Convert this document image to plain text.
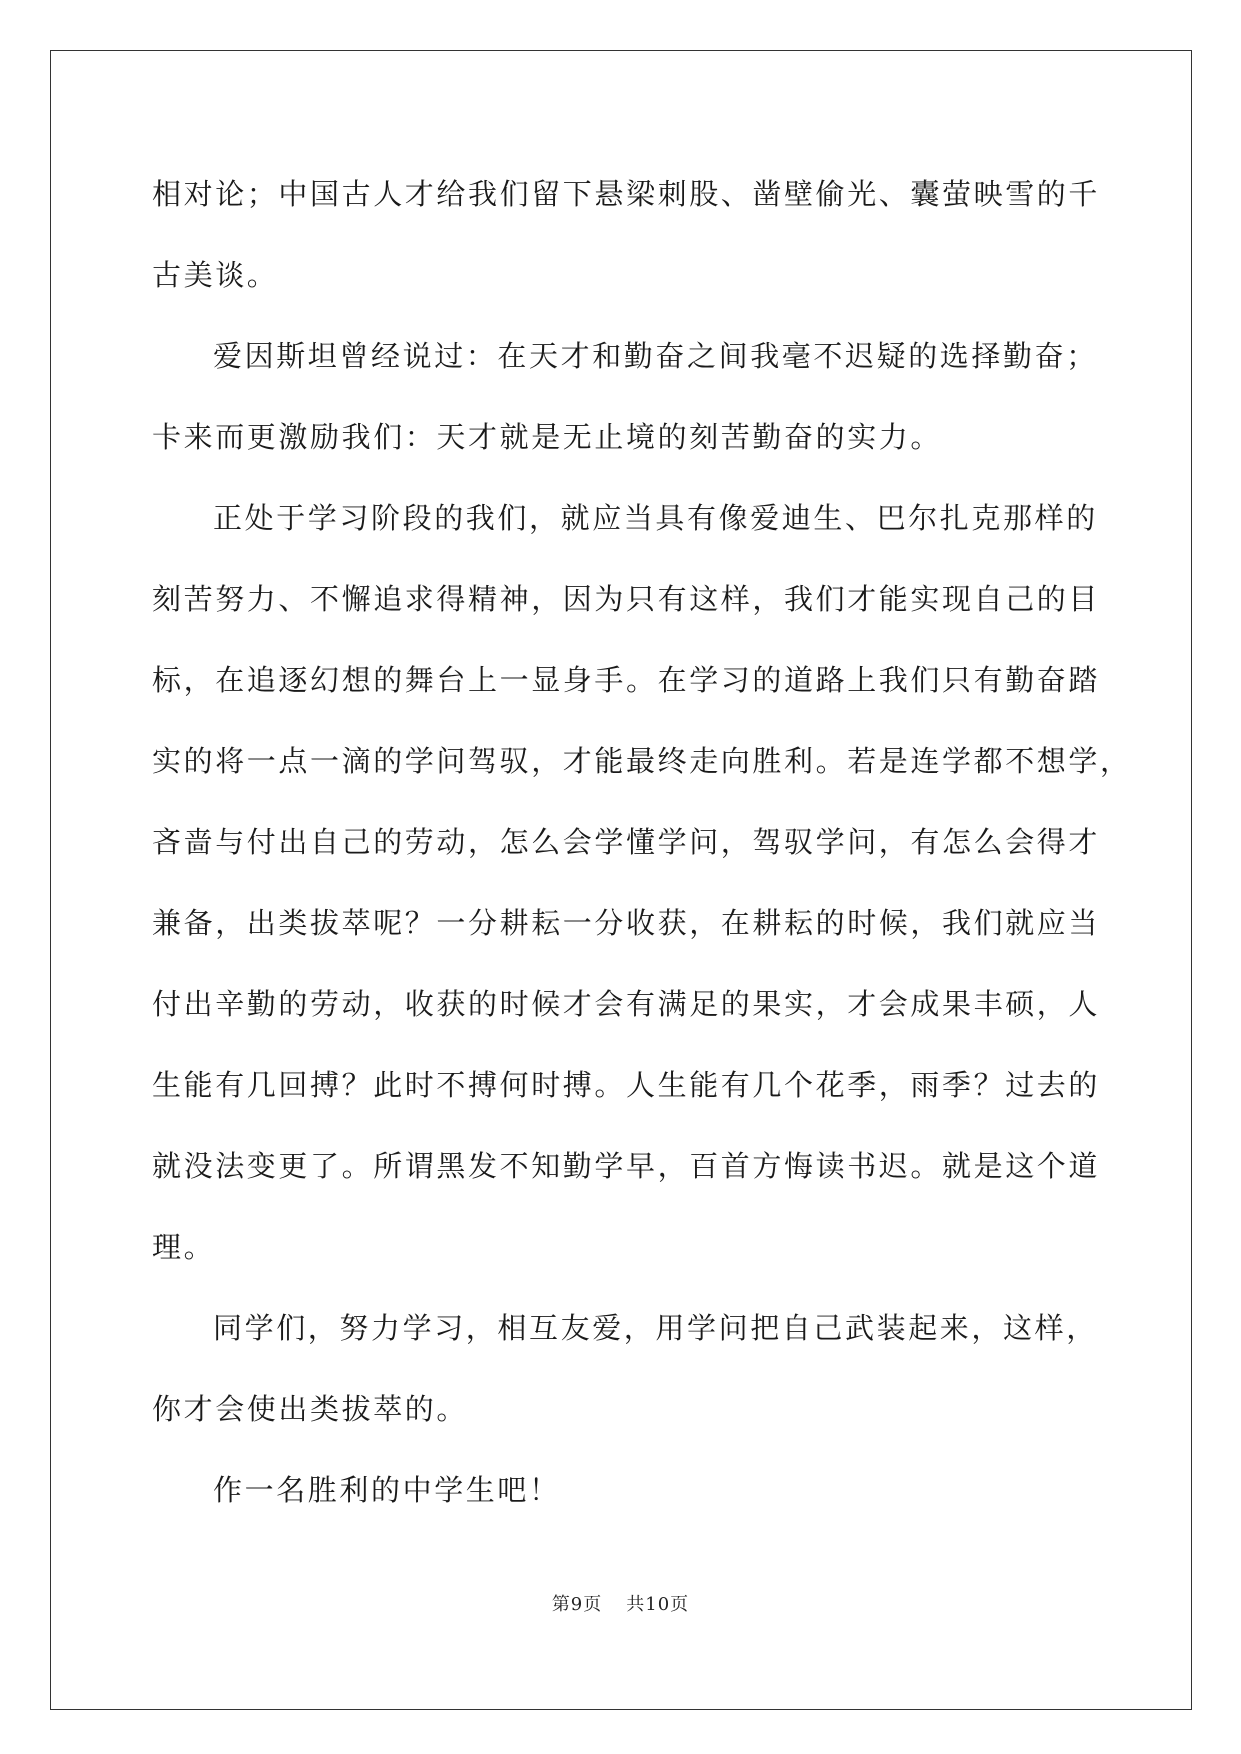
相对论；中国古人才给我们留下悬梁刺股、凿壁偷光、囊萤映雪的千
古美谈。
爱因斯坦曾经说过：在天才和勤奋之间我毫不迟疑的选择勤奋；
卡来而更激励我们：天才就是无止境的刻苦勤奋的实力。
正处于学习阶段的我们，就应当具有像爱迪生、巴尔扎克那样的
刻苦努力、不懈追求得精神，因为只有这样，我们才能实现自己的目
标，在追逐幻想的舞台上一显身手。在学习的道路上我们只有勤奋踏
实的将一点一滴的学问驾驭，才能最终走向胜利。若是连学都不想学，
吝啬与付出自己的劳动，怎么会学懂学问，驾驭学问，有怎么会得才
兼备，出类拔萃呢？一分耕耘一分收获，在耕耘的时候，我们就应当
付出辛勤的劳动，收获的时候才会有满足的果实，才会成果丰硕，人
生能有几回搏？此时不搏何时搏。人生能有几个花季，雨季？过去的
就没法变更了。所谓黑发不知勤学早，百首方悔读书迟。就是这个道
理。
同学们，努力学习，相互友爱，用学问把自己武装起来，这样，
你才会使出类拔萃的。
作一名胜利的中学生吧！
第9页 共10页
